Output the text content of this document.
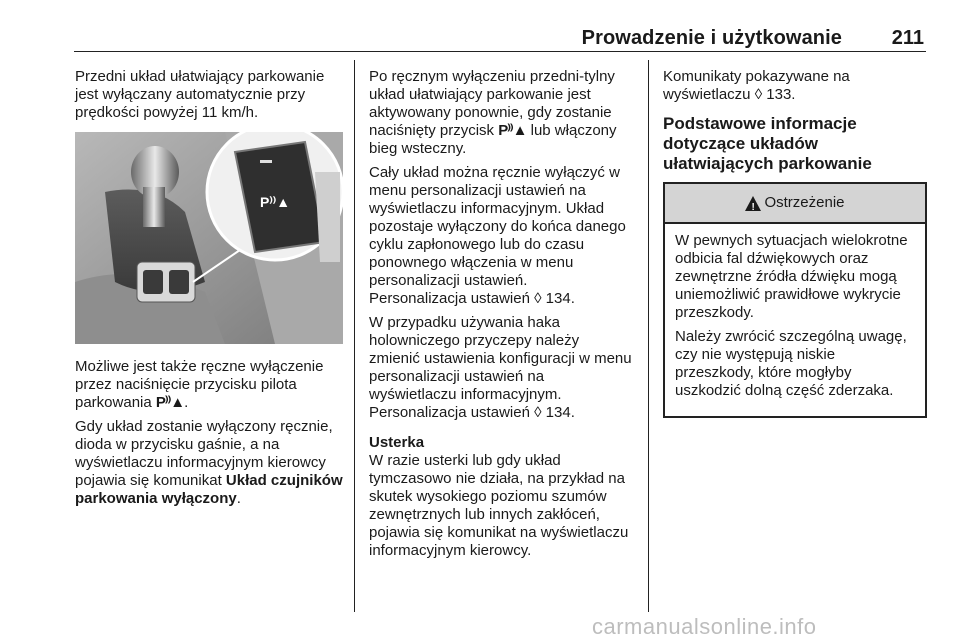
Prowadzenie i użytkowanie 211

Przedni układ ułatwiający parkowanie jest wyłączany automatycznie przy prędkości powyżej 11 km/h.

P⁾⁾▲

Możliwe jest także ręczne wyłączenie przez naciśnięcie przycisku pilota parkowania P⁾⁾▲.

Gdy układ zostanie wyłączony ręcznie, dioda w przycisku gaśnie, a na wyświetlaczu informacyjnym kierowcy pojawia się komunikat Układ czujników parkowania wyłączony.

Po ręcznym wyłączeniu przedni-tylny układ ułatwiający parkowanie jest aktywowany ponownie, gdy zostanie naciśnięty przycisk P⁾⁾▲ lub włączony bieg wsteczny.

Cały układ można ręcznie wyłączyć w menu personalizacji ustawień na wyświetlaczu informacyjnym. Układ pozostaje wyłączony do końca danego cyklu zapłonowego lub do czasu ponownego włączenia w menu personalizacji ustawień.
Personalizacja ustawień ◊ 134.

W przypadku używania haka holowniczego przyczepy należy zmienić ustawienia konfiguracji w menu personalizacji ustawień na wyświetlaczu informacyjnym.
Personalizacja ustawień ◊ 134.

Usterka
W razie usterki lub gdy układ tymczasowo nie działa, na przykład na skutek wysokiego poziomu szumów zewnętrznych lub innych zakłóceń, pojawia się komunikat na wyświetlaczu informacyjnym kierowcy.

Komunikaty pokazywane na wyświetlaczu ◊ 133.

Podstawowe informacje dotyczące układów ułatwiających parkowanie
! Ostrzeżenie

W pewnych sytuacjach wielokrotne odbicia fal dźwiękowych oraz zewnętrzne źródła dźwięku mogą uniemożliwić prawidłowe wykrycie przeszkody.

Należy zwrócić szczególną uwagę, czy nie występują niskie przeszkody, które mogłyby uszkodzić dolną część zderzaka.

carmanualsonline.info
